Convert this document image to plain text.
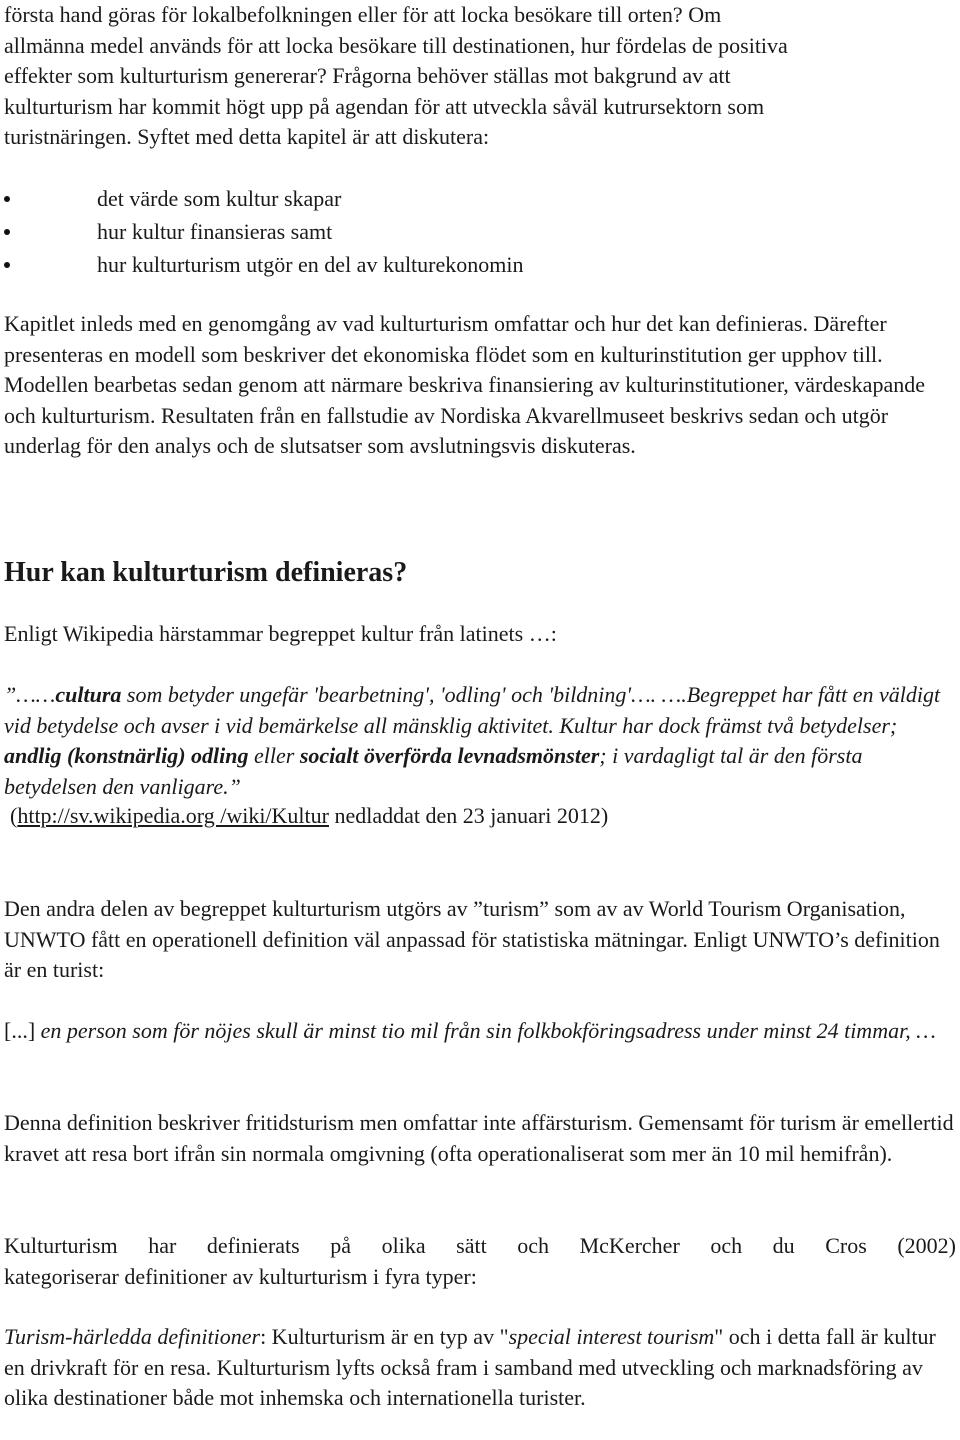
första hand göras för lokalbefolkningen eller för att locka besökare till orten? Om
allmänna medel används för att locka besökare till destinationen, hur fördelas de positiva
effekter som kulturturism genererar? Frågorna behöver ställas mot bakgrund av att
kulturturism har kommit högt upp på agendan för att utveckla såväl kutrursektorn som
turistnäringen. Syftet med detta kapitel är att diskutera:

det värde som kultur skapar
hur kultur finansieras samt
hur kulturturism utgör en del av kulturekonomin

Kapitlet inleds med en genomgång av vad kulturturism omfattar och hur det kan definieras. Därefter presenteras en modell som beskriver det ekonomiska flödet som en kulturinstitution ger upphov till. Modellen bearbetas sedan genom att närmare beskriva finansiering av kulturinstitutioner, värdeskapande och kulturturism. Resultaten från en fallstudie av Nordiska Akvarellmuseet beskrivs sedan och utgör underlag för den analys och de slutsatser som avslutningsvis diskuteras.

Hur kan kulturturism definieras?

Enligt Wikipedia härstammar begreppet kultur från latinets …:

”……cultura som betyder ungefär 'bearbetning', 'odling' och 'bildning'…. ….Begreppet har fått en väldigt vid betydelse och avser i vid bemärkelse all mänsklig aktivitet. Kultur har dock främst två betydelser; andlig (konstnärlig) odling eller socialt överförda levnadsmönster; i vardagligt tal är den första betydelsen den vanligare.”

(http://sv.wikipedia.org /wiki/Kultur nedladdat den 23 januari 2012)

Den andra delen av begreppet kulturturism utgörs av ”turism” som av av World Tourism Organisation, UNWTO fått en operationell definition väl anpassad för statistiska mätningar. Enligt UNWTO’s definition är en turist:

[...] en person som för nöjes skull är minst tio mil från sin folkbokföringsadress under minst 24 timmar, …

Denna definition beskriver fritidsturism men omfattar inte affärsturism. Gemensamt för turism är emellertid kravet att resa bort ifrån sin normala omgivning (ofta operationaliserat som mer än 10 mil hemifrån).

Kulturturism har definierats på olika sätt och McKercher och du Cros (2002)
kategoriserar definitioner av kulturturism i fyra typer:

Turism-härledda definitioner: Kulturturism är en typ av "special interest tourism" och i detta fall är kultur en drivkraft för en resa. Kulturturism lyfts också fram i samband med utveckling och marknadsföring av olika destinationer både mot inhemska och internationella turister.
